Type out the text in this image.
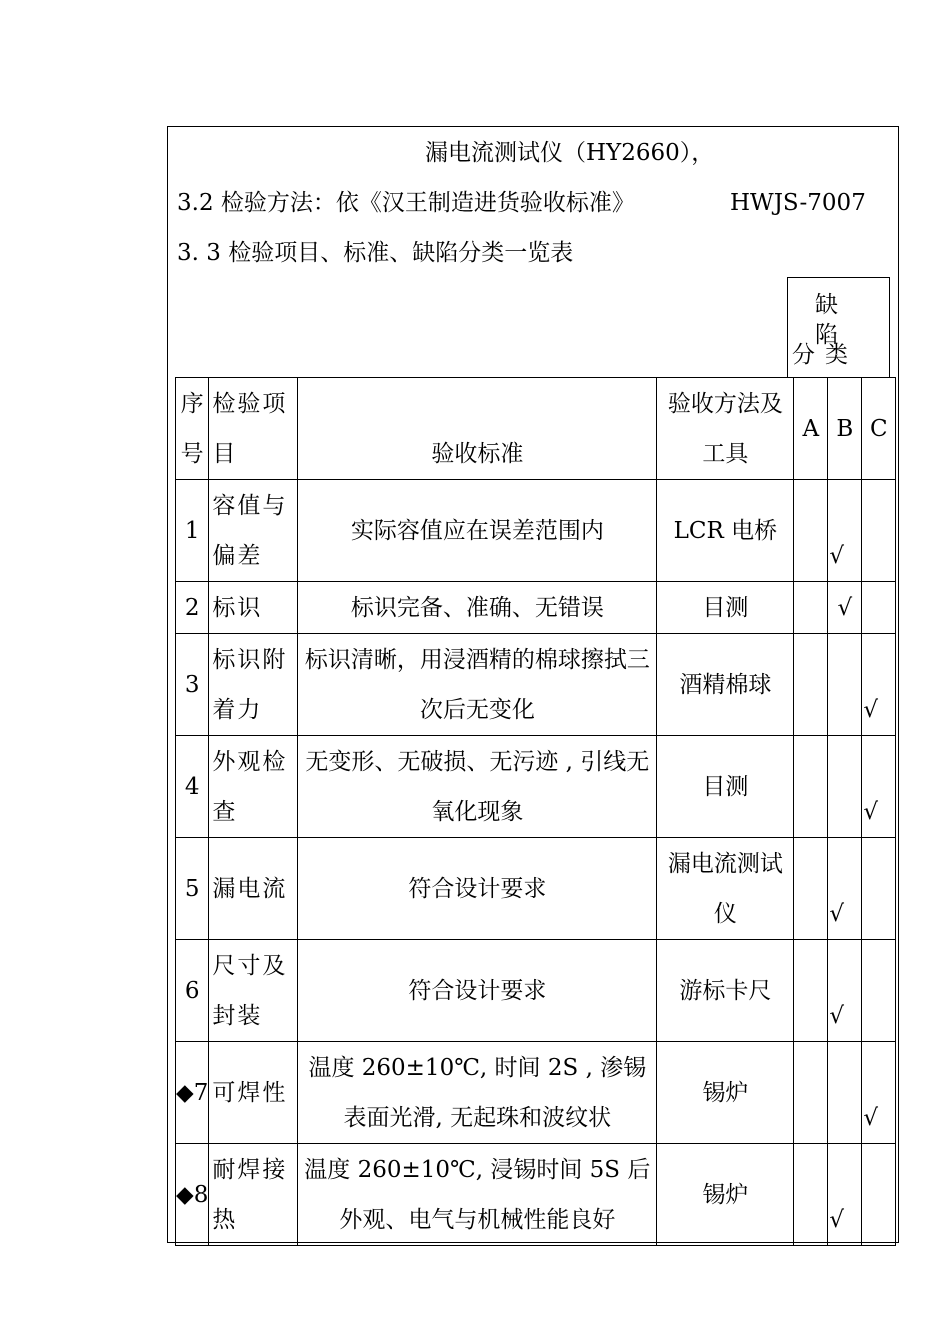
漏电流测试仪（HY2660），
3.2 检验方法：依《汉王制造进货验收标准》	HWJS-7007
3. 3 检验项目、标准、缺陷分类一览表
缺陷
分类
序号	检验项目	验收标准	验收方法及工具	A	B	C
1	容值与偏差	实际容值应在误差范围内	LCR 电桥		√	

2	标识	标识完备、准确、无错误	目测		√	
3	标识附着力	标识清晰，用浸酒精的棉球擦拭三次后无变化	酒精棉球			√

4	外观检查	无变形、无破损、无污迹 , 引线无氧化现象	目测			√

5	漏电流	符合设计要求	漏电流测试仪		√	

6	尺寸及封装	符合设计要求	游标卡尺		√	

◆7	可焊性	温度 260±10℃, 时间 2S , 渗锡表面光滑, 无起珠和波纹状	锡炉			√

◆8	耐焊接热	温度 260±10℃, 浸锡时间 5S 后外观、电气与机械性能良好	锡炉		√	
